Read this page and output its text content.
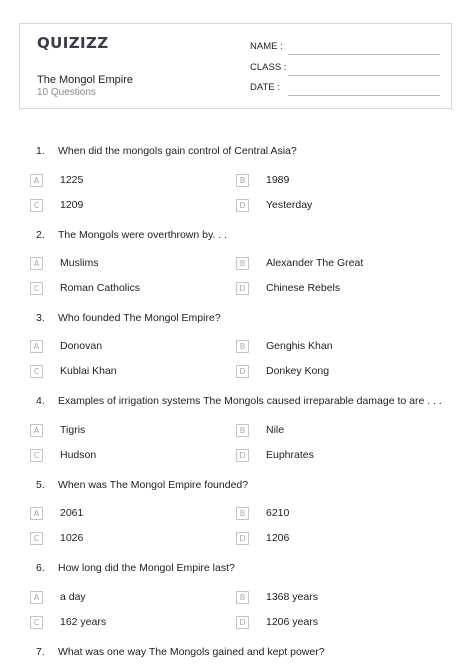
QUIZIZZ
The Mongol Empire
10 Questions
NAME :
CLASS :
DATE :
1. When did the mongols gain control of Central Asia?
A	1225	B	1989
C	1209	D	Yesterday
2. The Mongols were overthrown by. . .
A	Muslims	B	Alexander The Great
C	Roman Catholics	D	Chinese Rebels
3. Who founded The Mongol Empire?
A	Donovan	B	Genghis Khan
C	Kublai Khan	D	Donkey Kong
4. Examples of irrigation systems The Mongols caused irreparable damage to are . . .
A	Tigris	B	Nile
C	Hudson	D	Euphrates
5. When was The Mongol Empire founded?
A	2061	B	6210
C	1026	D	1206
6. How long did the Mongol Empire last?
A	a day	B	1368 years
C	162 years	D	1206 years
7. What was one way The Mongols gained and kept power?
